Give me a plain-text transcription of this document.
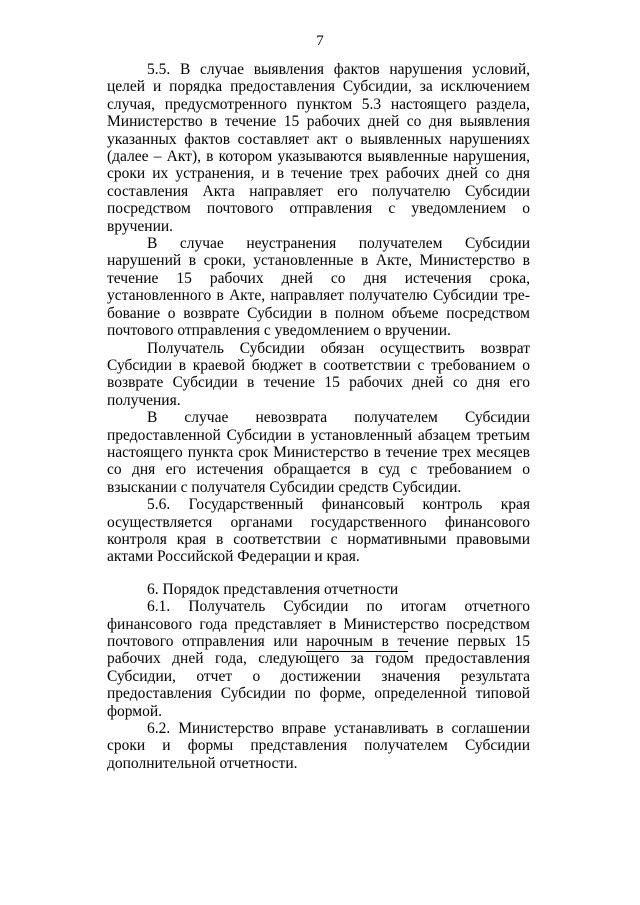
7

5.5. В случае выявления фактов нарушения условий, целей и порядка предоставления Субсидии, за исключением случая, предусмотренного пунктом 5.3 настоящего раздела, Министерство в течение 15 рабочих дней со дня выявления указанных фактов составляет акт о выявленных нарушениях (далее – Акт), в котором указываются выявленные нарушения, сроки их устранения, и в течение трех рабочих дней со дня составления Акта направляет его получателю Субсидии посредством почтового отправления с уведомлением о вручении.

В случае неустранения получателем Субсидии нарушений в сроки, установленные в Акте, Министерство в течение 15 рабочих дней со дня истечения срока, установленного в Акте, направляет получателю Субсидии требование о возврате Субсидии в полном объеме посредством почтового отправления с уведомлением о вручении.

Получатель Субсидии обязан осуществить возврат Субсидии в краевой бюджет в соответствии с требованием о возврате Субсидии в течение 15 рабочих дней со дня его получения.

В случае невозврата получателем Субсидии предоставленной Субсидии в установленный абзацем третьим настоящего пункта срок Министерство в течение трех месяцев со дня его истечения обращается в суд с требованием о взыскании с получателя Субсидии средств Субсидии.

5.6. Государственный финансовый контроль края осуществляется органами государственного финансового контроля края в соответствии с нормативными правовыми актами Российской Федерации и края.

6. Порядок представления отчетности

6.1. Получатель Субсидии по итогам отчетного финансового года представляет в Министерство посредством почтового отправления или нарочным в течение первых 15 рабочих дней года, следующего за годом предоставления Субсидии, отчет о достижении значения результата предоставления Субсидии по форме, определенной типовой формой.

6.2. Министерство вправе устанавливать в соглашении сроки и формы представления получателем Субсидии дополнительной отчетности.
